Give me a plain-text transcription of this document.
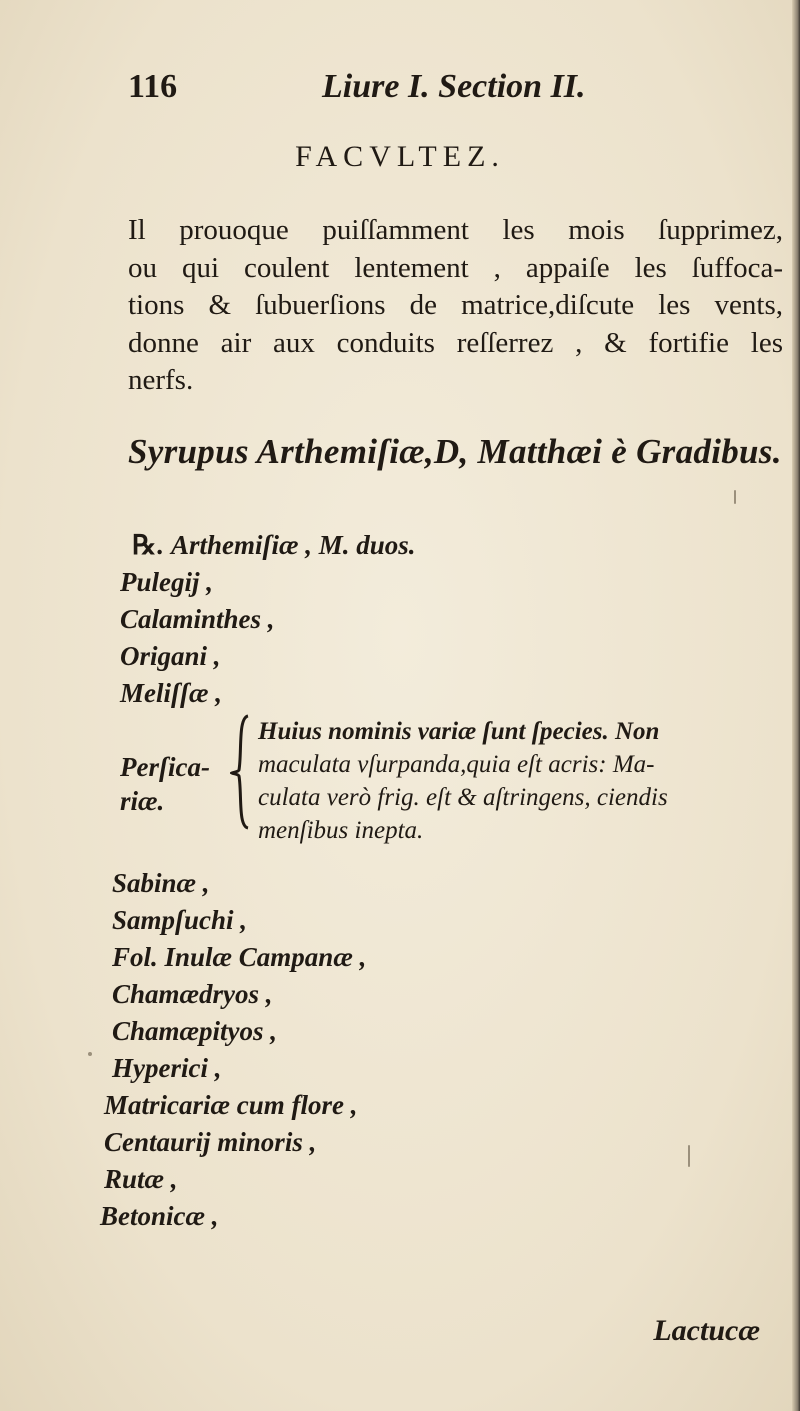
116	Liure I. Section II.
FACVLTEZ.
Il prouoque puiſſamment les mois ſupprimez,
ou qui coulent lentement , appaiſe les ſuffoca-
tions & ſubuerſions de matrice,diſcute les vents,
donne air aux conduits reſſerrez , & fortifie les
nerfs.
Syrupus Arthemiſiæ,D, Matthæi è Gradibus.
℞. Arthemiſiæ , M. duos.
Pulegij ,
Calaminthes ,
Origani ,
Meliſſæ ,
Perſica-
riæ.
Huius nominis variæ ſunt ſpecies. Non
maculata vſurpanda,quia eſt acris: Ma-
culata verò frig. eſt & aſtringens, ciendis
menſibus inepta.
Sabinæ ,
Sampſuchi ,
Fol. Inulæ Campanæ ,
Chamædryos ,
Chamæpityos ,
Hyperici ,
Matricariæ cum flore ,
Centaurij minoris ,
Rutæ ,
Betonicæ ,
Lactucæ
